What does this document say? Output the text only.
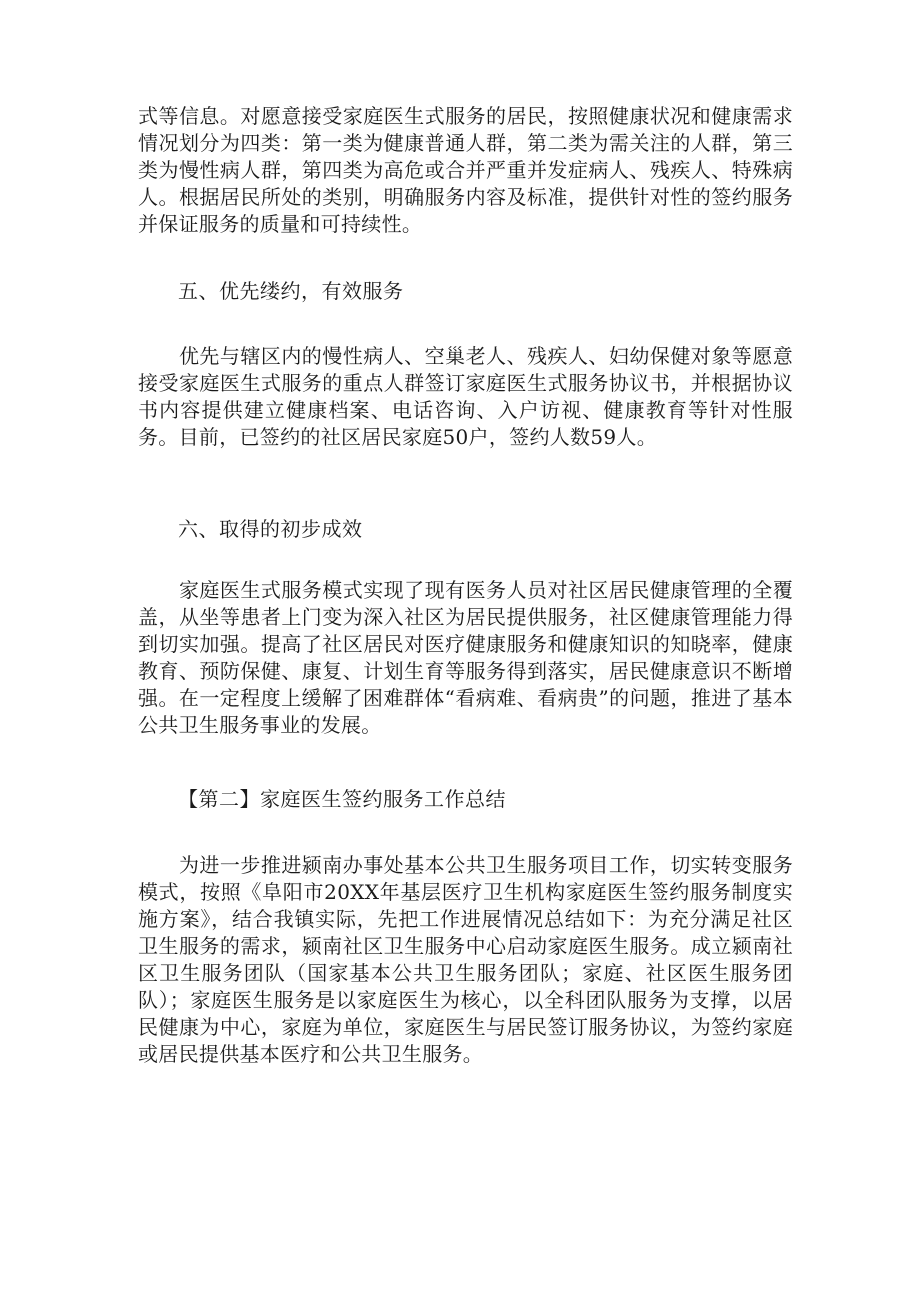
式等信息。对愿意接受家庭医生式服务的居民，按照健康状况和健康需求情况划分为四类：第一类为健康普通人群，第二类为需关注的人群，第三类为慢性病人群，第四类为高危或合并严重并发症病人、残疾人、特殊病人。根据居民所处的类别，明确服务内容及标准，提供针对性的签约服务并保证服务的质量和可持续性。

五、优先缕约，有效服务

　　优先与辖区内的慢性病人、空巢老人、残疾人、妇幼保健对象等愿意接受家庭医生式服务的重点人群签订家庭医生式服务协议书，并根据协议书内容提供建立健康档案、电话咨询、入户访视、健康教育等针对性服务。目前，已签约的社区居民家庭50户，签约人数59人。

六、取得的初步成效

　　家庭医生式服务模式实现了现有医务人员对社区居民健康管理的全覆盖，从坐等患者上门变为深入社区为居民提供服务，社区健康管理能力得到切实加强。提高了社区居民对医疗健康服务和健康知识的知晓率，健康教育、预防保健、康复、计划生育等服务得到落实，居民健康意识不断增强。在一定程度上缓解了困难群体“看病难、看病贵”的问题，推进了基本公共卫生服务事业的发展。

【第二】家庭医生签约服务工作总结

　　为进一步推进颍南办事处基本公共卫生服务项目工作，切实转变服务模式，按照《阜阳市20XX年基层医疗卫生机构家庭医生签约服务制度实施方案》，结合我镇实际，先把工作进展情况总结如下：为充分满足社区卫生服务的需求，颍南社区卫生服务中心启动家庭医生服务。成立颍南社区卫生服务团队（国家基本公共卫生服务团队；家庭、社区医生服务团队）；家庭医生服务是以家庭医生为核心，以全科团队服务为支撑，以居民健康为中心，家庭为单位，家庭医生与居民签订服务协议，为签约家庭或居民提供基本医疗和公共卫生服务。
